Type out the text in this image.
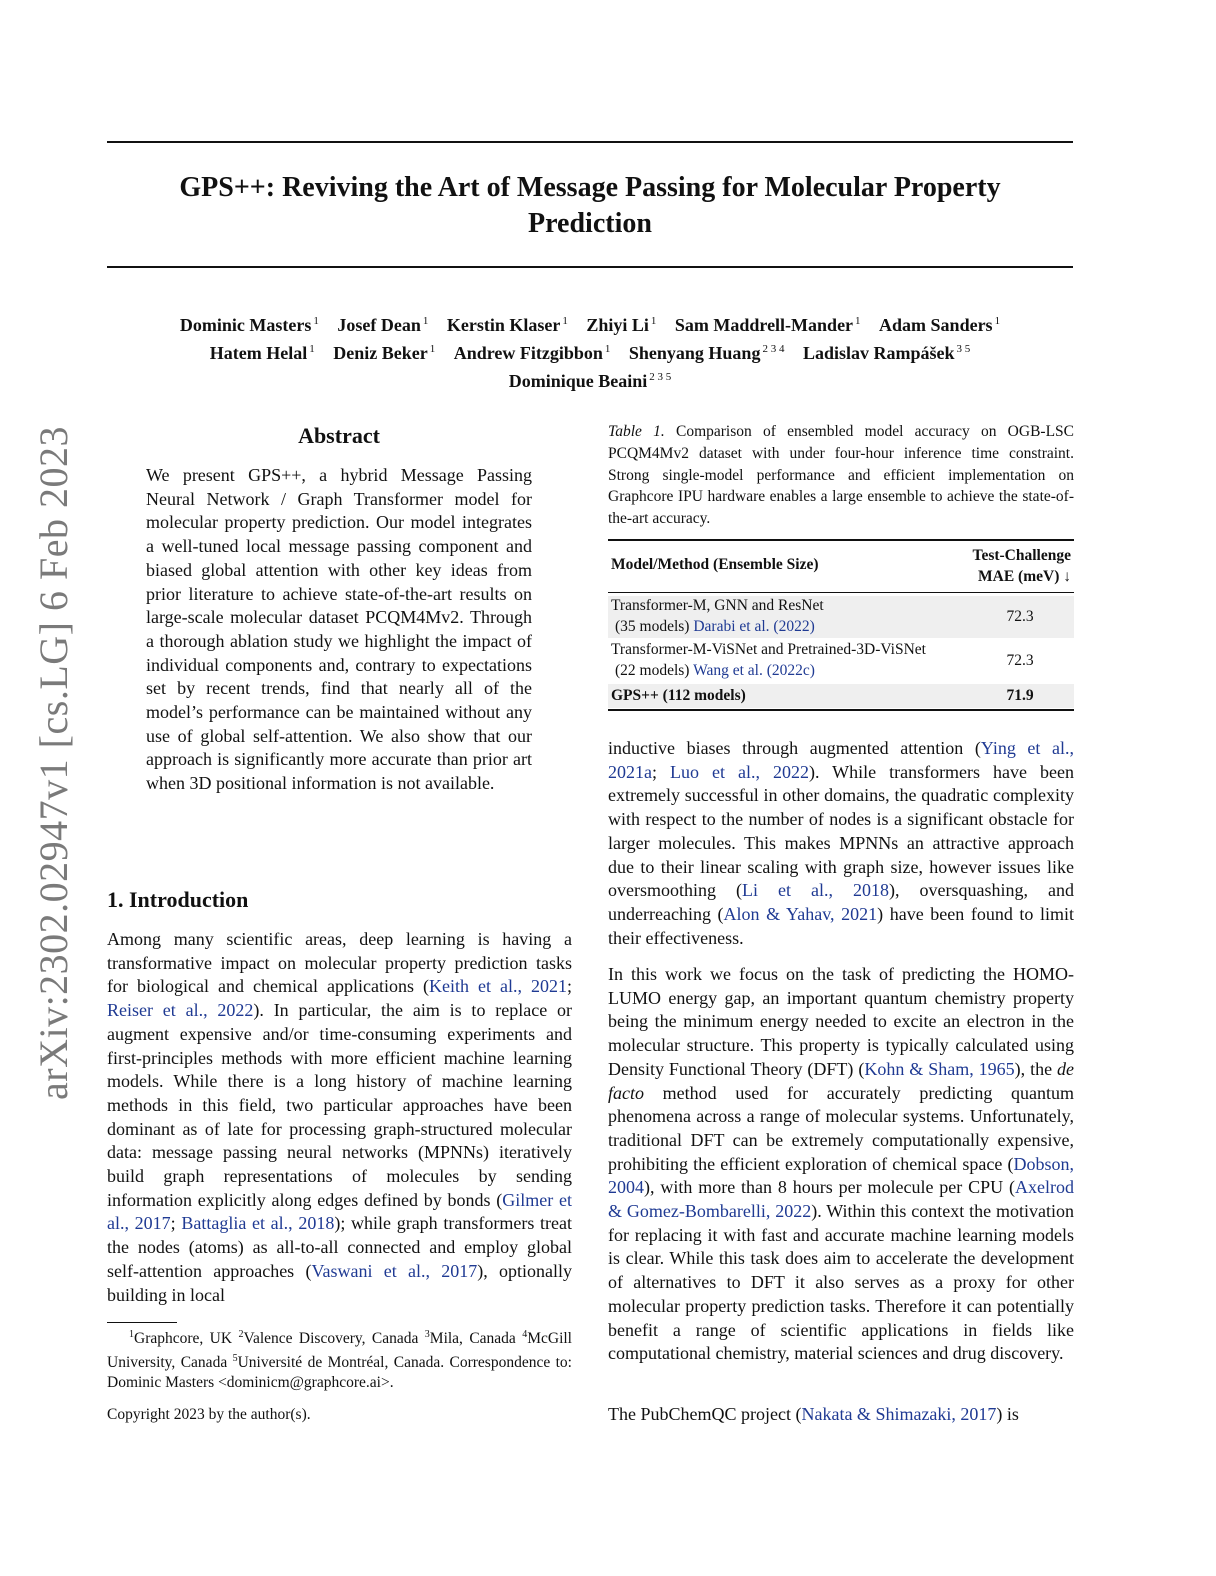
arXiv:2302.02947v1 [cs.LG] 6 Feb 2023
GPS++: Reviving the Art of Message Passing for Molecular Property
Prediction
Dominic Masters $^1$ Josef Dean $^1$ Kerstin Klaser $^1$ Zhiyi Li $^1$ Sam Maddrell-Mander $^1$ Adam Sanders $^1$
Hatem Helal $^1$ Deniz Beker $^1$ Andrew Fitzgibbon $^1$ Shenyang Huang $^{2 3 4}$ Ladislav Rampášek $^{3 5}$
Dominique Beaini $^{2 3 5}$
Abstract
We present GPS++, a hybrid Message Passing Neural Network / Graph Transformer model for molecular property prediction. Our model integrates a well-tuned local message passing component and biased global attention with other key ideas from prior literature to achieve state-of-the-art results on large-scale molecular dataset PCQM4Mv2. Through a thorough ablation study we highlight the impact of individual components and, contrary to expectations set by recent trends, find that nearly all of the model’s performance can be maintained without any use of global self-attention. We also show that our approach is significantly more accurate than prior art when 3D positional information is not available.
1. Introduction

Among many scientific areas, deep learning is having a transformative impact on molecular property prediction tasks for biological and chemical applications (Keith et al., 2021; Reiser et al., 2022). In particular, the aim is to replace or augment expensive and/or time-consuming experiments and first-principles methods with more efficient machine learning models. While there is a long history of machine learning methods in this field, two particular approaches have been dominant as of late for processing graph-structured molecular data: message passing neural networks (MPNNs) iteratively build graph representations of molecules by sending information explicitly along edges defined by bonds (Gilmer et al., 2017; Battaglia et al., 2018); while graph transformers treat the nodes (atoms) as all-to-all connected and employ global self-attention approaches (Vaswani et al., 2017), optionally building in local

$^1$Graphcore, UK $^2$Valence Discovery, Canada $^3$Mila, Canada $^4$McGill University, Canada $^5$Université de Montréal, Canada. Correspondence to: Dominic Masters <dominicm@graphcore.ai>.
Copyright 2023 by the author(s).
Table 1. Comparison of ensembled model accuracy on OGB-LSC PCQM4Mv2 dataset with under four-hour inference time constraint. Strong single-model performance and efficient implementation on Graphcore IPU hardware enables a large ensemble to achieve the state-of-the-art accuracy.
Model/Method (Ensemble Size)
Test-Challenge
MAE (meV) ↓
Transformer-M, GNN and ResNet
(35 models) Darabi et al. (2022)
72.3
Transformer-M-ViSNet and Pretrained-3D-ViSNet
(22 models) Wang et al. (2022c)
72.3
GPS++ (112 models)	71.9

inductive biases through augmented attention (Ying et al., 2021a; Luo et al., 2022). While transformers have been extremely successful in other domains, the quadratic complexity with respect to the number of nodes is a significant obstacle for larger molecules. This makes MPNNs an attractive approach due to their linear scaling with graph size, however issues like oversmoothing (Li et al., 2018), oversquashing, and underreaching (Alon & Yahav, 2021) have been found to limit their effectiveness.

In this work we focus on the task of predicting the HOMO-LUMO energy gap, an important quantum chemistry property being the minimum energy needed to excite an electron in the molecular structure. This property is typically calculated using Density Functional Theory (DFT) (Kohn & Sham, 1965), the de facto method used for accurately predicting quantum phenomena across a range of molecular systems. Unfortunately, traditional DFT can be extremely computationally expensive, prohibiting the efficient exploration of chemical space (Dobson, 2004), with more than 8 hours per molecule per CPU (Axelrod & Gomez-Bombarelli, 2022). Within this context the motivation for replacing it with fast and accurate machine learning models is clear. While this task does aim to accelerate the development of alternatives to DFT it also serves as a proxy for other molecular property prediction tasks. Therefore it can potentially benefit a range of scientific applications in fields like computational chemistry, material sciences and drug discovery.

The PubChemQC project (Nakata & Shimazaki, 2017) is
